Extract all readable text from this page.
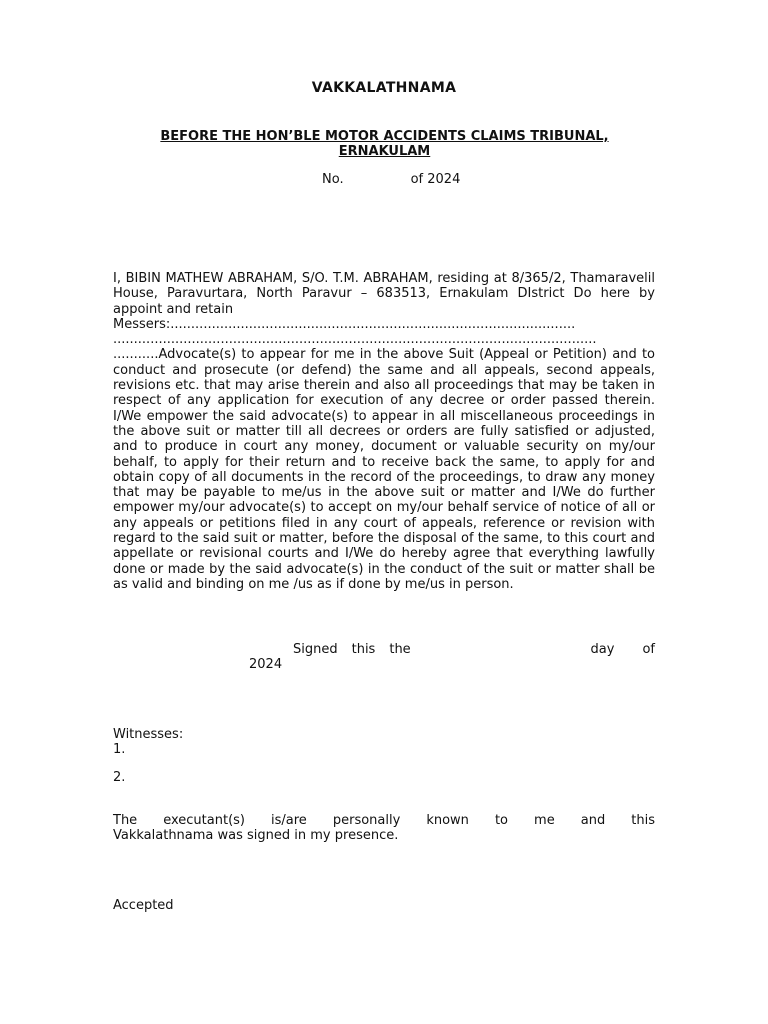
VAKKALATHNAMA
BEFORE THE HON’BLE MOTOR ACCIDENTS CLAIMS TRIBUNAL, ERNAKULAM
No.	of 2024
I, BIBIN MATHEW ABRAHAM, S/O. T.M. ABRAHAM, residing at 8/365/2, Thamaravelil House, Paravurtara, North Paravur – 683513, Ernakulam DIstrict Do here by appoint and retain
Messers:..................................................................................................
.....................................................................................................................
...........Advocate(s) to appear for me in the above Suit (Appeal or Petition) and to conduct and prosecute (or defend) the same and all appeals, second appeals, revisions etc. that may arise therein and also all proceedings that may be taken in respect of any application for execution of any decree or order passed therein. I/We empower the said advocate(s) to appear in all miscellaneous proceedings in the above suit or matter till all decrees or orders are fully satisfied or adjusted, and to produce in court any money, document or valuable security on my/our behalf, to apply for their return and to receive back the same, to apply for and obtain copy of all documents in the record of the proceedings, to draw any money that may be payable to me/us in the above suit or matter and I/We do further empower my/our advocate(s) to accept on my/our behalf service of notice of all or any appeals or petitions filed in any court of appeals, reference or revision with regard to the said suit or matter, before the disposal of the same, to this court and appellate or revisional courts and I/We do hereby agree that everything lawfully done or made by the said advocate(s) in the conduct of the suit or matter shall be as valid and binding on me /us as if done by me/us in person.
Signed this the	day of
2024
Witnesses:
1.
2.
The executant(s) is/are personally known to me and this
Vakkalathnama was signed in my presence.
Accepted
